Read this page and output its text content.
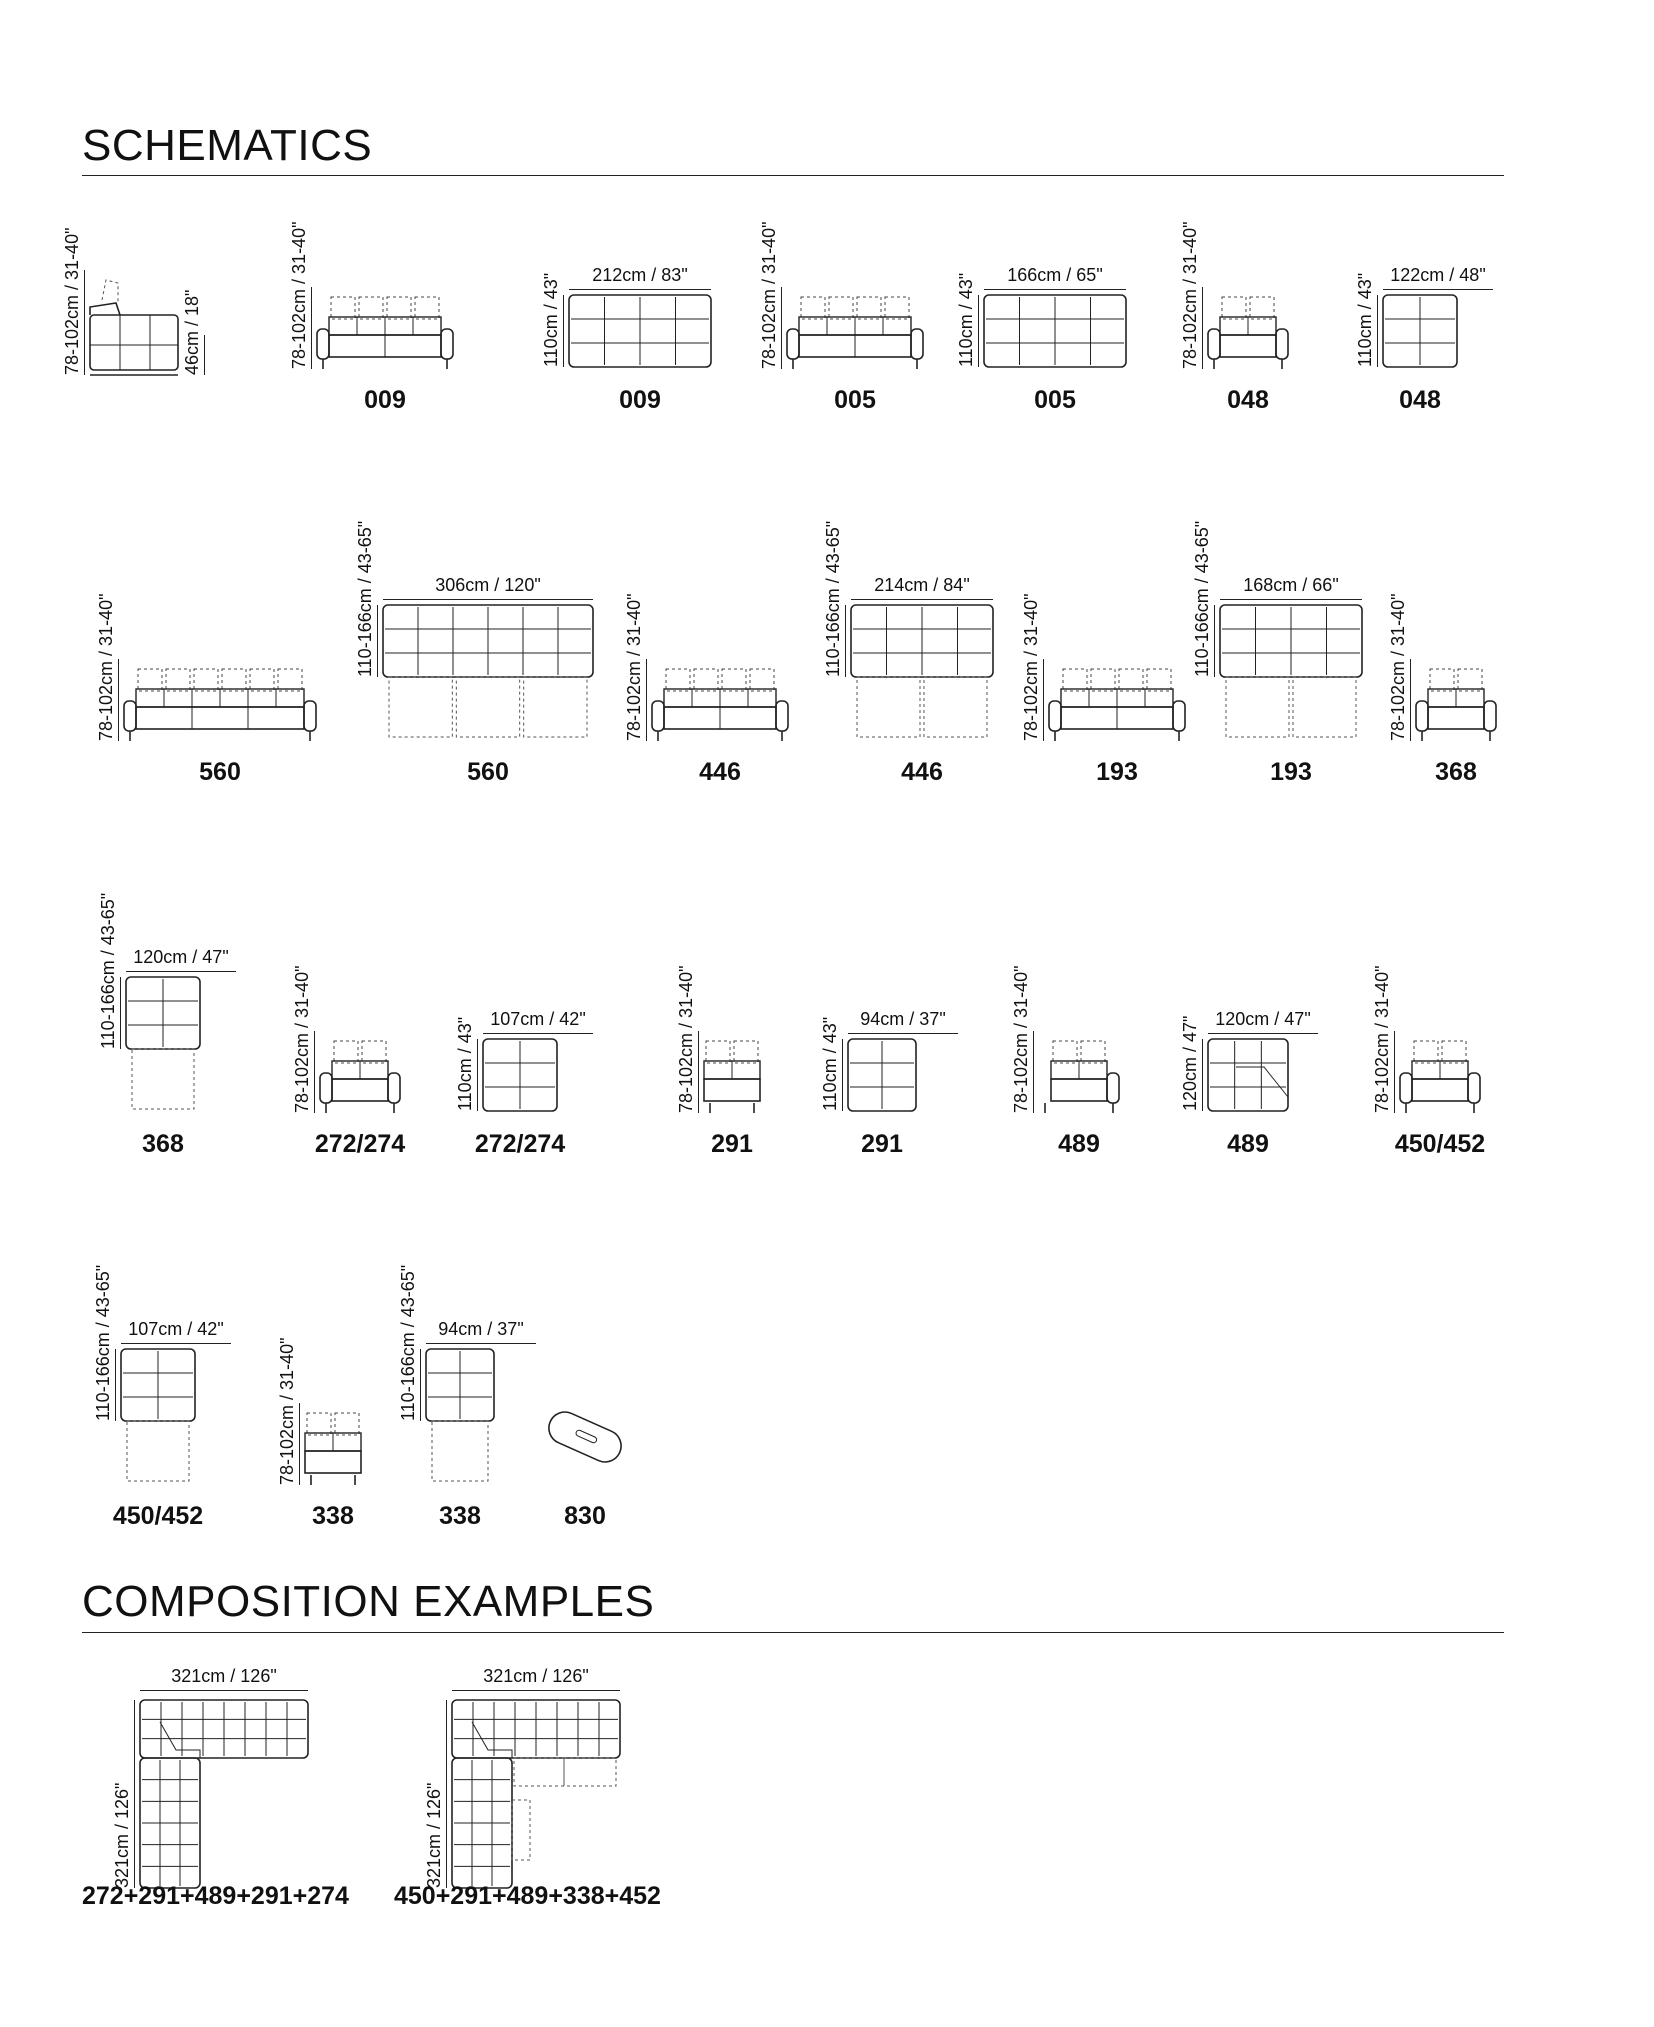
SCHEMATICS
78-102cm / 31-40"	46cm / 18"
009
78-102cm / 31-40"
009
212cm / 83"
110cm / 43"
005
78-102cm / 31-40"
005
166cm / 65"
110cm / 43"
048
78-102cm / 31-40"
048
122cm / 48"
110cm / 43"
560
78-102cm / 31-40"
560
306cm / 120"
110-166cm / 43-65"
446
78-102cm / 31-40"
446
214cm / 84"
110-166cm / 43-65"
193
78-102cm / 31-40"
193
168cm / 66"
110-166cm / 43-65"
368
78-102cm / 31-40"
368
120cm / 47"
110-166cm / 43-65"
272/274
78-102cm / 31-40"
272/274
107cm / 42"
110cm / 43"
291
78-102cm / 31-40"
291
94cm / 37"
110cm / 43"
489
78-102cm / 31-40"
489
120cm / 47"
120cm / 47"
450/452
78-102cm / 31-40"
450/452
107cm / 42"
110-166cm / 43-65"
338
78-102cm / 31-40"
338
94cm / 37"
110-166cm / 43-65"
830
COMPOSITION EXAMPLES
321cm / 126"
321cm / 126"
272+291+489+291+274
321cm / 126"
321cm / 126"
450+291+489+338+452
